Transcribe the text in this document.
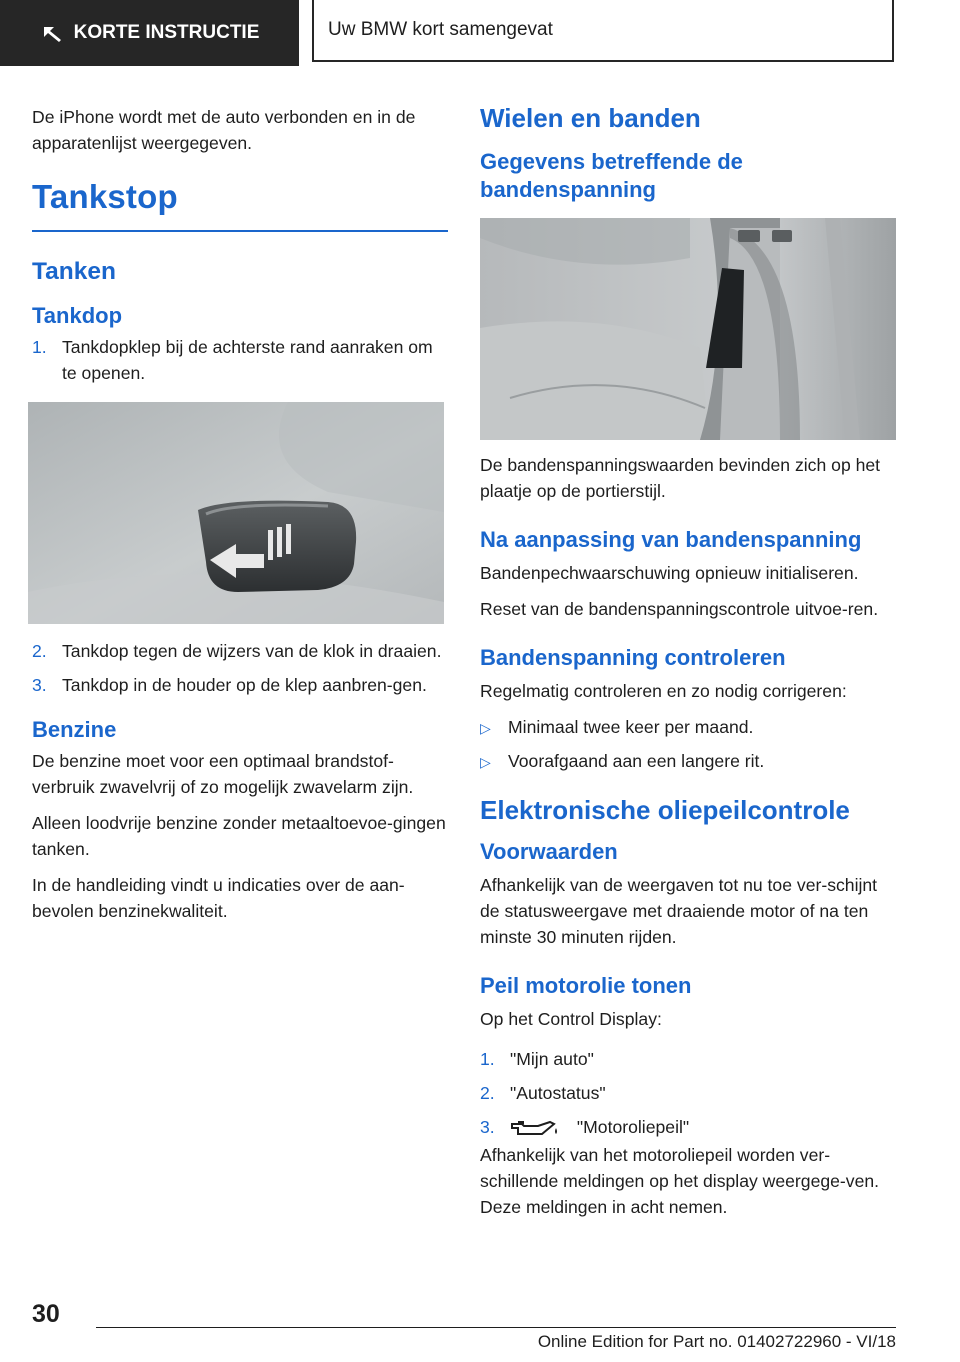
KORTE INSTRUCTIE	Uw BMW kort samengevat

De iPhone wordt met de auto verbonden en in de apparatenlijst weergegeven.

Tankstop
Tanken
Tankdop
1. Tankdopklep bij de achterste rand aanraken om te openen.
2. Tankdop tegen de wijzers van de klok in draaien.
3. Tankdop in de houder op de klep aanbren-gen.
Benzine

De benzine moet voor een optimaal brandstof-verbruik zwavelvrij of zo mogelijk zwavelarm zijn.

Alleen loodvrije benzine zonder metaaltoevoe-gingen tanken.

In de handleiding vindt u indicaties over de aan-bevolen benzinekwaliteit.

Wielen en banden
Gegevens betreffende de bandenspanning

De bandenspanningswaarden bevinden zich op het plaatje op de portierstijl.

Na aanpassing van bandenspanning

Bandenpechwaarschuwing opnieuw initialiseren.

Reset van de bandenspanningscontrole uitvoe-ren.

Bandenspanning controleren

Regelmatig controleren en zo nodig corrigeren:

▷ Minimaal twee keer per maand.
▷ Voorafgaand aan een langere rit.
Elektronische oliepeilcontrole
Voorwaarden

Afhankelijk van de weergaven tot nu toe ver-schijnt de statusweergave met draaiende motor of na ten minste 30 minuten rijden.

Peil motorolie tonen

Op het Control Display:

1. "Mijn auto"
2. "Autostatus"
3.	"Motoroliepeil"

Afhankelijk van het motoroliepeil worden ver-schillende meldingen op het display weergege-ven. Deze meldingen in acht nemen.

30
Online Edition for Part no. 01402722960 - VI/18
